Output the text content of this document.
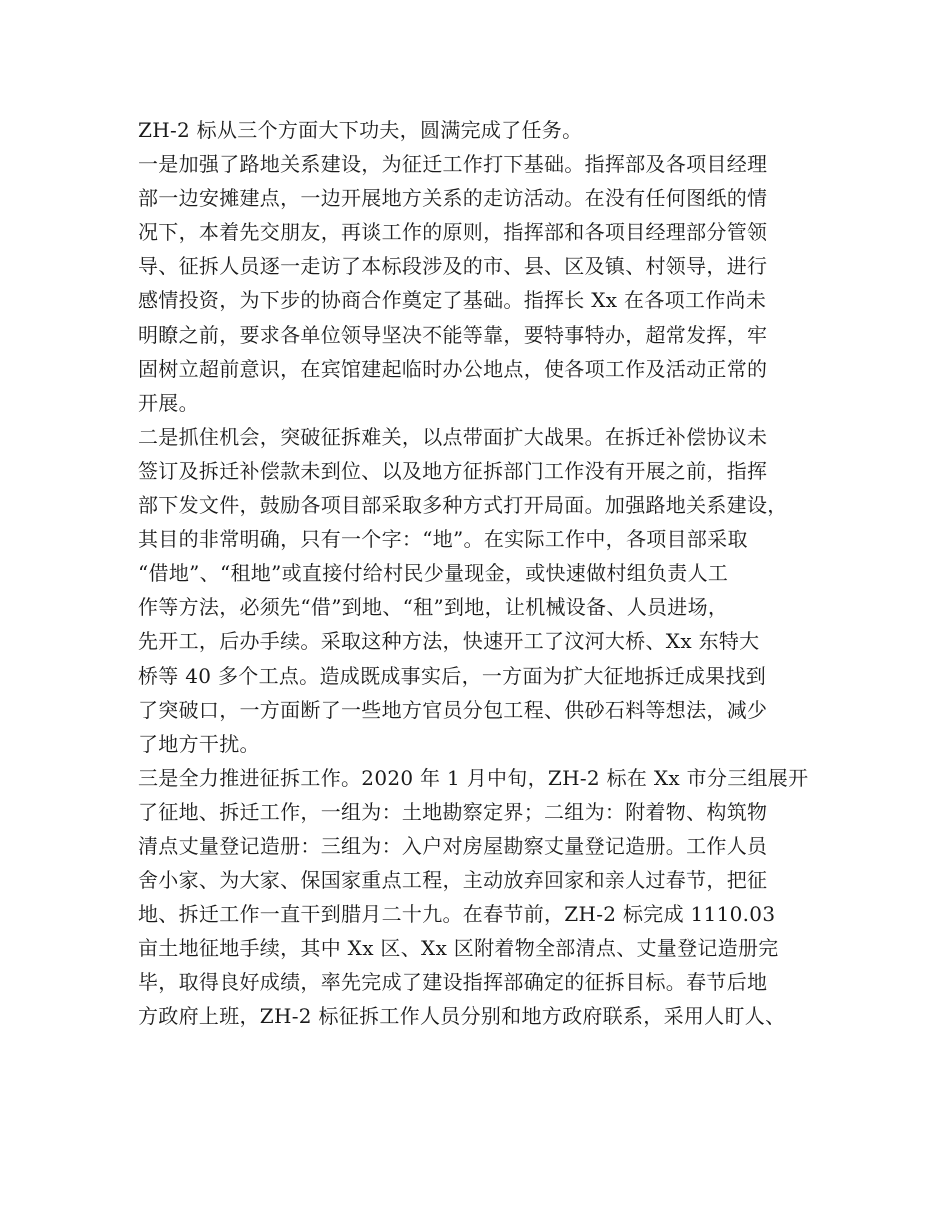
ZH-2 标从三个方面大下功夫，圆满完成了任务。
一是加强了路地关系建设，为征迁工作打下基础。指挥部及各项目经理
部一边安摊建点，一边开展地方关系的走访活动。在没有任何图纸的情
况下，本着先交朋友，再谈工作的原则，指挥部和各项目经理部分管领
导、征拆人员逐一走访了本标段涉及的市、县、区及镇、村领导，进行
感情投资，为下步的协商合作奠定了基础。指挥长 Xx 在各项工作尚未
明瞭之前，要求各单位领导坚决不能等靠，要特事特办，超常发挥，牢
固树立超前意识，在宾馆建起临时办公地点，使各项工作及活动正常的
开展。
二是抓住机会，突破征拆难关，以点带面扩大战果。在拆迁补偿协议未
签订及拆迁补偿款未到位、以及地方征拆部门工作没有开展之前，指挥
部下发文件，鼓励各项目部采取多种方式打开局面。加强路地关系建设，
其目的非常明确，只有一个字：“地”。在实际工作中，各项目部采取
“借地”、“租地”或直接付给村民少量现金，或快速做村组负责人工
作等方法，必须先“借”到地、“租”到地，让机械设备、人员进场，
先开工，后办手续。采取这种方法，快速开工了汶河大桥、Xx 东特大
桥等 40 多个工点。造成既成事实后，一方面为扩大征地拆迁成果找到
了突破口，一方面断了一些地方官员分包工程、供砂石料等想法，减少
了地方干扰。
三是全力推进征拆工作。2020 年 1 月中旬，ZH-2 标在 Xx 市分三组展开
了征地、拆迁工作，一组为：土地勘察定界；二组为：附着物、构筑物
清点丈量登记造册：三组为：入户对房屋勘察丈量登记造册。工作人员
舍小家、为大家、保国家重点工程，主动放弃回家和亲人过春节，把征
地、拆迁工作一直干到腊月二十九。在春节前，ZH-2 标完成 1110.03
亩土地征地手续，其中 Xx 区、Xx 区附着物全部清点、丈量登记造册完
毕，取得良好成绩，率先完成了建设指挥部确定的征拆目标。春节后地
方政府上班，ZH-2 标征拆工作人员分别和地方政府联系，采用人盯人、
